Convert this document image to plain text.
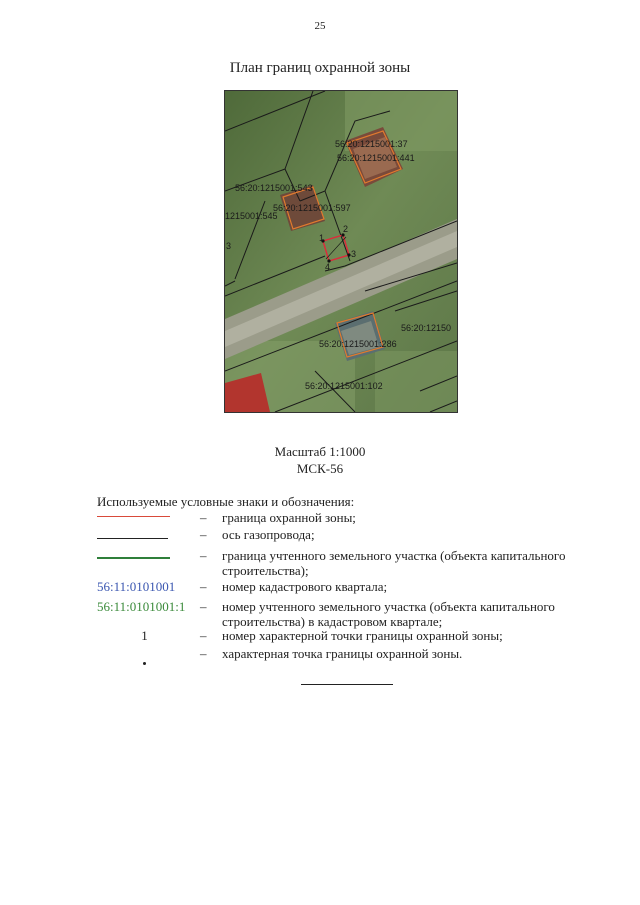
25
План границ охранной зоны
56:20:1215001:37
56:20:1215001:441
56:20:1215001:543
56:20:1215001:597
1215001:545
56:20:1215001:286
56:20:1215001:102
56:20:12150
1
2
3
4
3
Масштаб 1:1000
МСК-56
Используемые условные знаки и обозначения:
– граница охранной зоны;
– ось газопровода;
– граница учтенного земельного участка (объекта капитального строительства);
56:11:0101001	– номер кадастрового квартала;
56:11:0101001:1	– номер учтенного земельного участка (объекта капитального строительства) в кадастровом квартале;
1	– номер характерной точки границы охранной зоны;
– характерная точка границы охранной зоны.
